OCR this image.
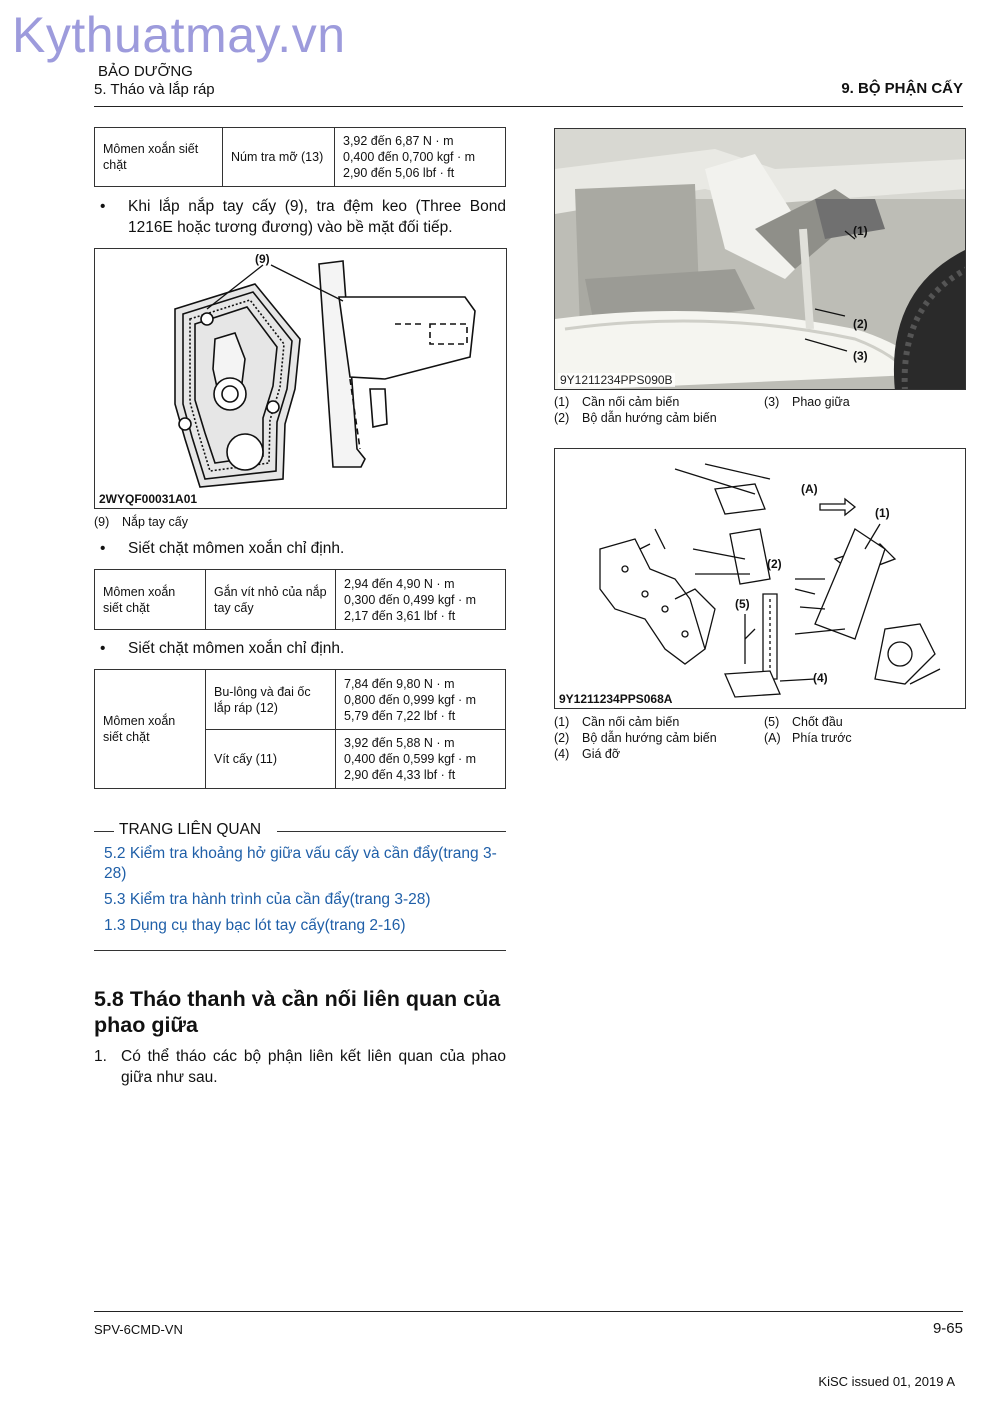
Kythuatmay.vn
BẢO DƯỠNG
5. Tháo và lắp ráp	9. BỘ PHẬN CẤY
Mômen xoắn siết chặt	Núm tra mỡ (13)	
3,92 đến 6,87 N · m
0,400 đến 0,700 kgf · m
2,90 đến 5,06 lbf · ft
•	Khi lắp nắp tay cấy (9), tra đệm keo (Three Bond 1216E hoặc tương đương) vào bề mặt đối tiếp.
(9)
2WYQF00031A01
(9)	Nắp tay cấy
•	Siết chặt mômen xoắn chỉ định.
Mômen xoắn siết chặt	Gắn vít nhỏ của nắp tay cấy	
2,94 đến 4,90 N · m
0,300 đến 0,499 kgf · m
2,17 đến 3,61 lbf · ft
•	Siết chặt mômen xoắn chỉ định.
Mômen xoắn siết chặt	Bu-lông và đai ốc lắp ráp (12)	7,84 đến 9,80 N · m
0,800 đến 0,999 kgf · m
5,79 đến 7,22 lbf · ft

	Vít cấy (11)	3,92 đến 5,88 N · m
0,400 đến 0,599 kgf · m
2,90 đến 4,33 lbf · ft
TRANG LIÊN QUAN
5.2 Kiểm tra khoảng hở giữa vấu cấy và cần đẩy(trang 3-28)
5.3 Kiểm tra hành trình của cần đẩy(trang 3-28)
1.3 Dụng cụ thay bạc lót tay cấy(trang 2-16)
5.8 Tháo thanh và cần nối liên quan của phao giữa
1. Có thể tháo các bộ phận liên kết liên quan của phao giữa như sau.
(1)
(2)
(3)
9Y1211234PPS090B
(1)	Cần nối cảm biến	(3)	Phao giữa
(2)	Bộ dẫn hướng cảm biến
(A)
(1)
(2)
(5)
(4)
9Y1211234PPS068A
(1)	Cần nối cảm biến	(5)	Chốt đầu
(2)	Bộ dẫn hướng cảm biến	(A) Phía trước
(4)	Giá đỡ
SPV-6CMD-VN	9-65
KiSC issued 01, 2019 A
